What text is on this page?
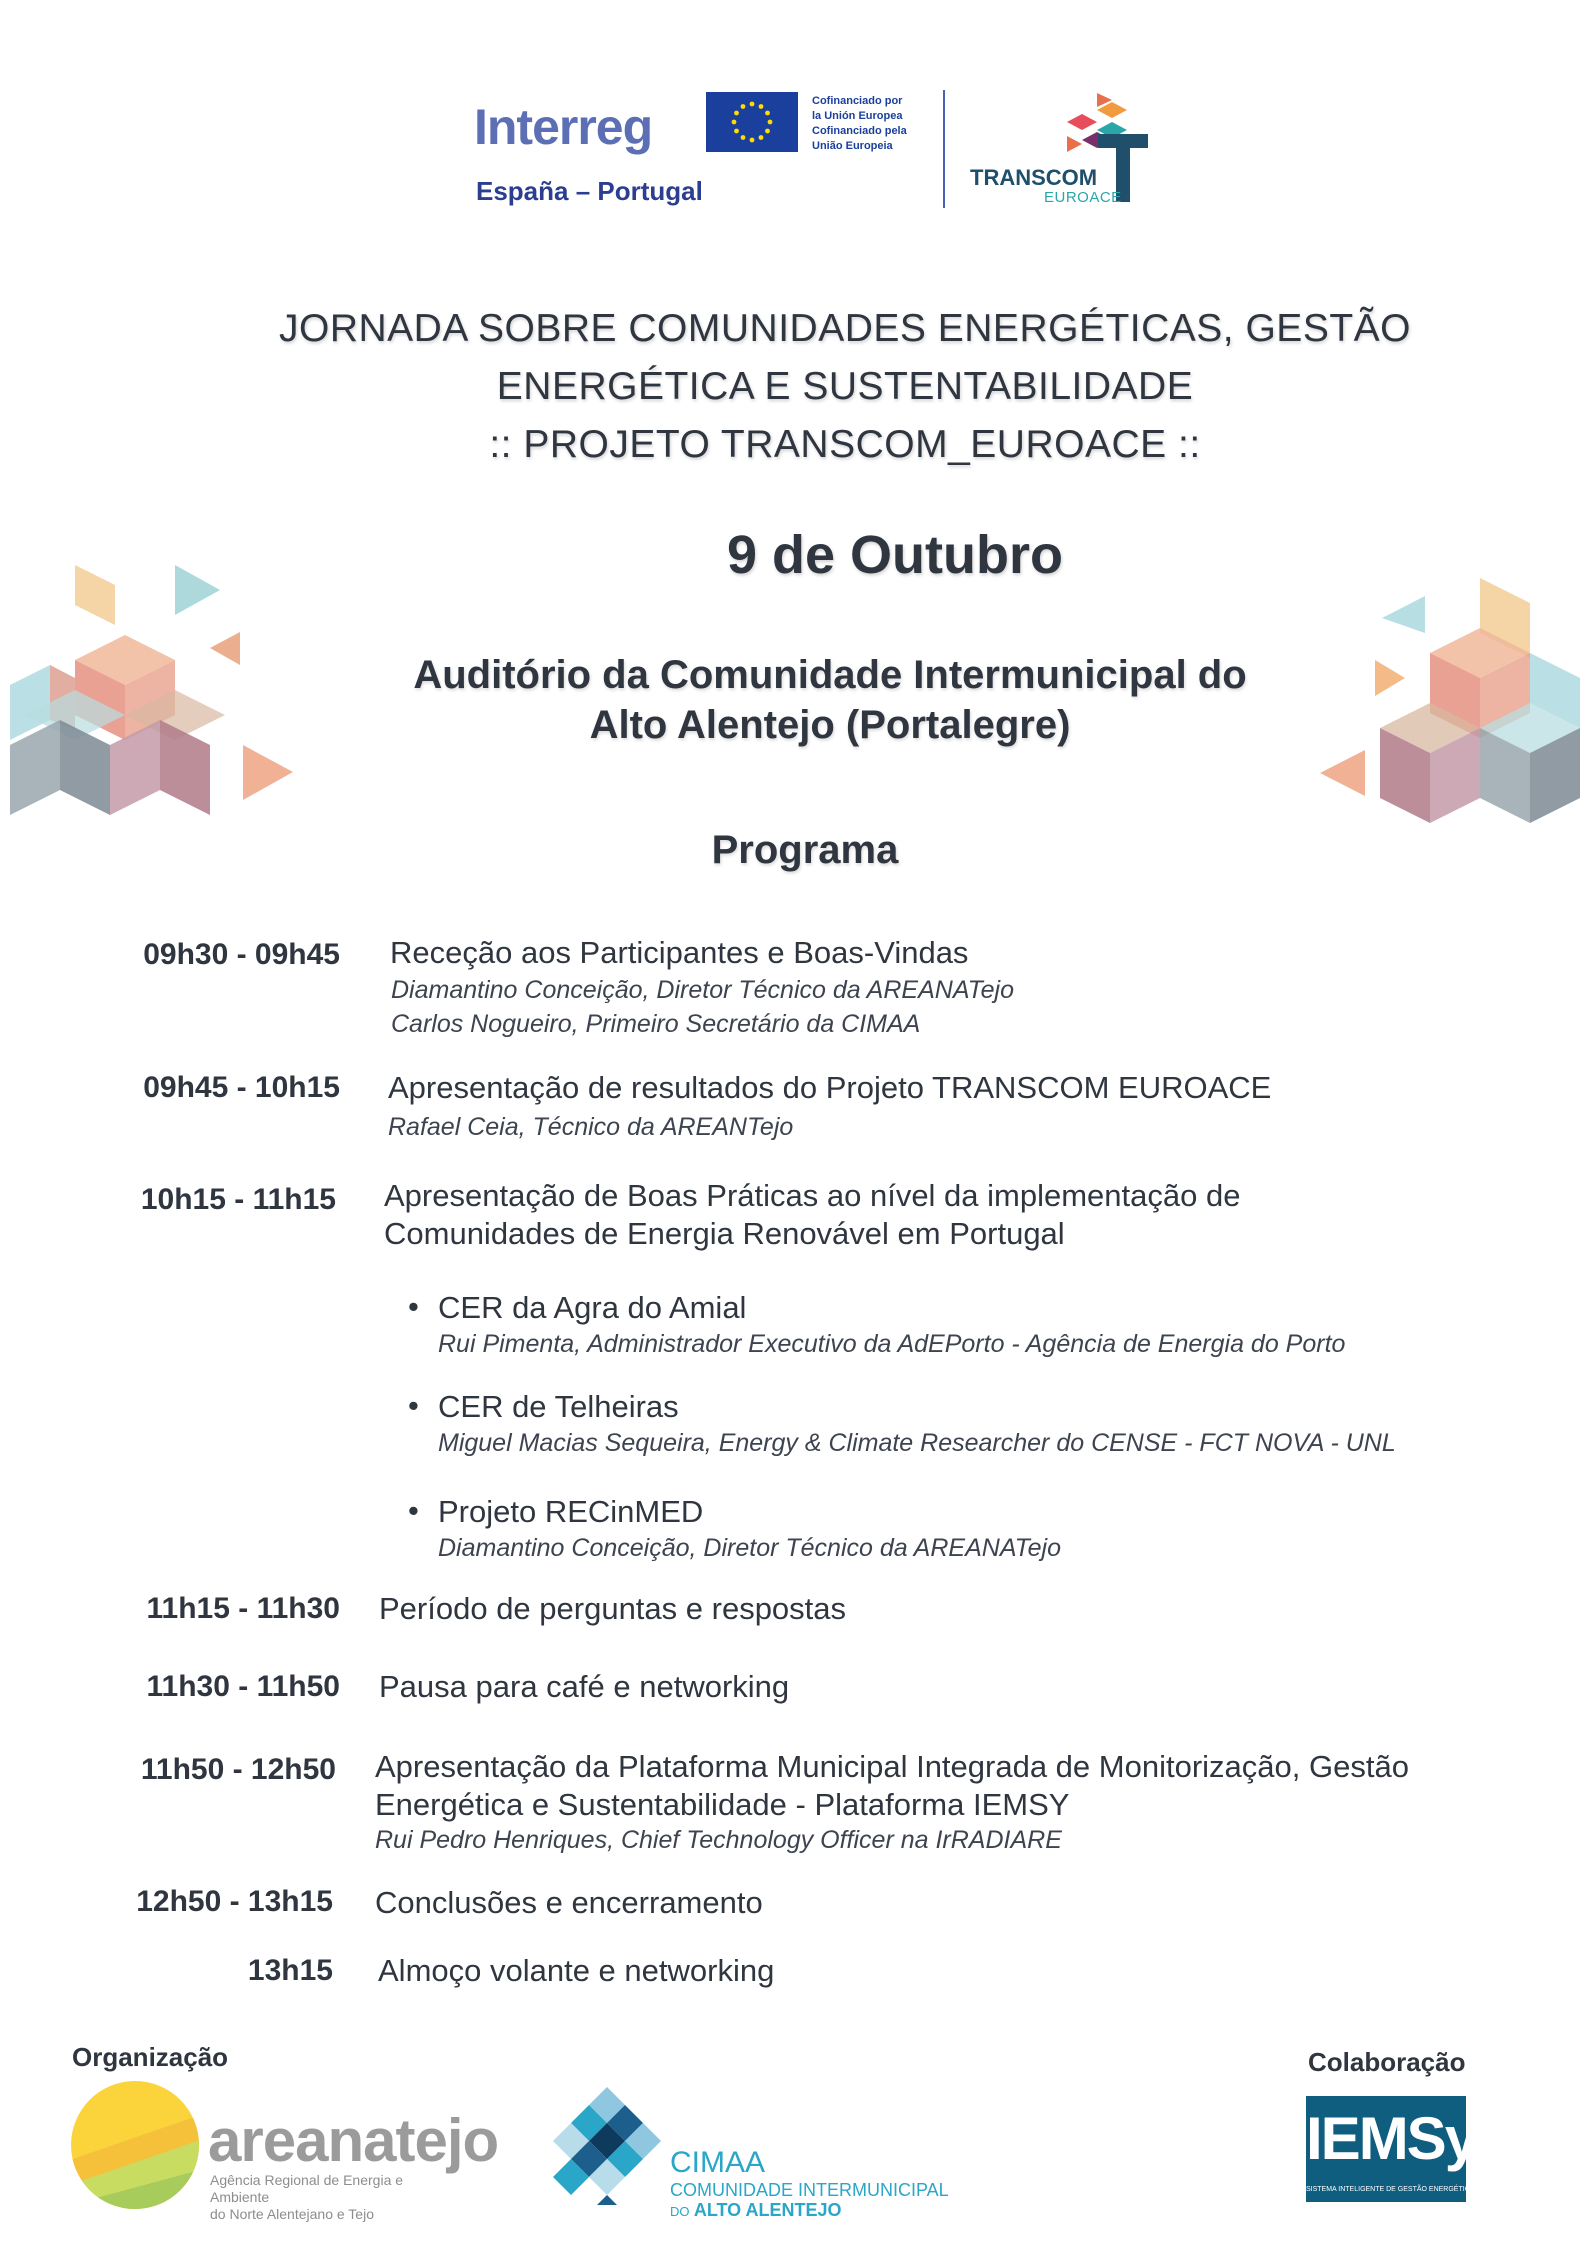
Interreg
España – Portugal
Cofinanciado por
la Unión Europea
Cofinanciado pela
União Europeia
TRANSCOM
EUROACE
JORNADA SOBRE COMUNIDADES ENERGÉTICAS, GESTÃO
ENERGÉTICA E SUSTENTABILIDADE
:: PROJETO TRANSCOM_EUROACE ::
9 de Outubro
Auditório da Comunidade Intermunicipal do
Alto Alentejo (Portalegre)
Programa
09h30 - 09h45 Receção aos Participantes e Boas-Vindas
Diamantino Conceição, Diretor Técnico da AREANATejo
Carlos Nogueiro, Primeiro Secretário da CIMAA
09h45 - 10h15 Apresentação de resultados do Projeto TRANSCOM EUROACE
Rafael Ceia, Técnico da AREANTejo
10h15 - 11h15 Apresentação de Boas Práticas ao nível da implementação de
Comunidades de Energia Renovável em Portugal
• CER da Agra do Amial
Rui Pimenta, Administrador Executivo da AdEPorto - Agência de Energia do Porto
• CER de Telheiras
Miguel Macias Sequeira, Energy & Climate Researcher do CENSE - FCT NOVA - UNL
• Projeto RECinMED
Diamantino Conceição, Diretor Técnico da AREANATejo
11h15 - 11h30 Período de perguntas e respostas
11h30 - 11h50 Pausa para café e networking
11h50 - 12h50 Apresentação da Plataforma Municipal Integrada de Monitorização, Gestão
Energética e Sustentabilidade - Plataforma IEMSY
Rui Pedro Henriques, Chief Technology Officer na IrRADIARE
12h50 - 13h15 Conclusões e encerramento
13h15 Almoço volante e networking
Organização	Colaboração
areanatejo
Agência Regional de Energia e Ambiente
do Norte Alentejano e Tejo
CIMAA
COMUNIDADE INTERMUNICIPAL
DO ALTO ALENTEJO
IEMSy
SISTEMA INTELIGENTE DE GESTÃO ENERGÉTICA
